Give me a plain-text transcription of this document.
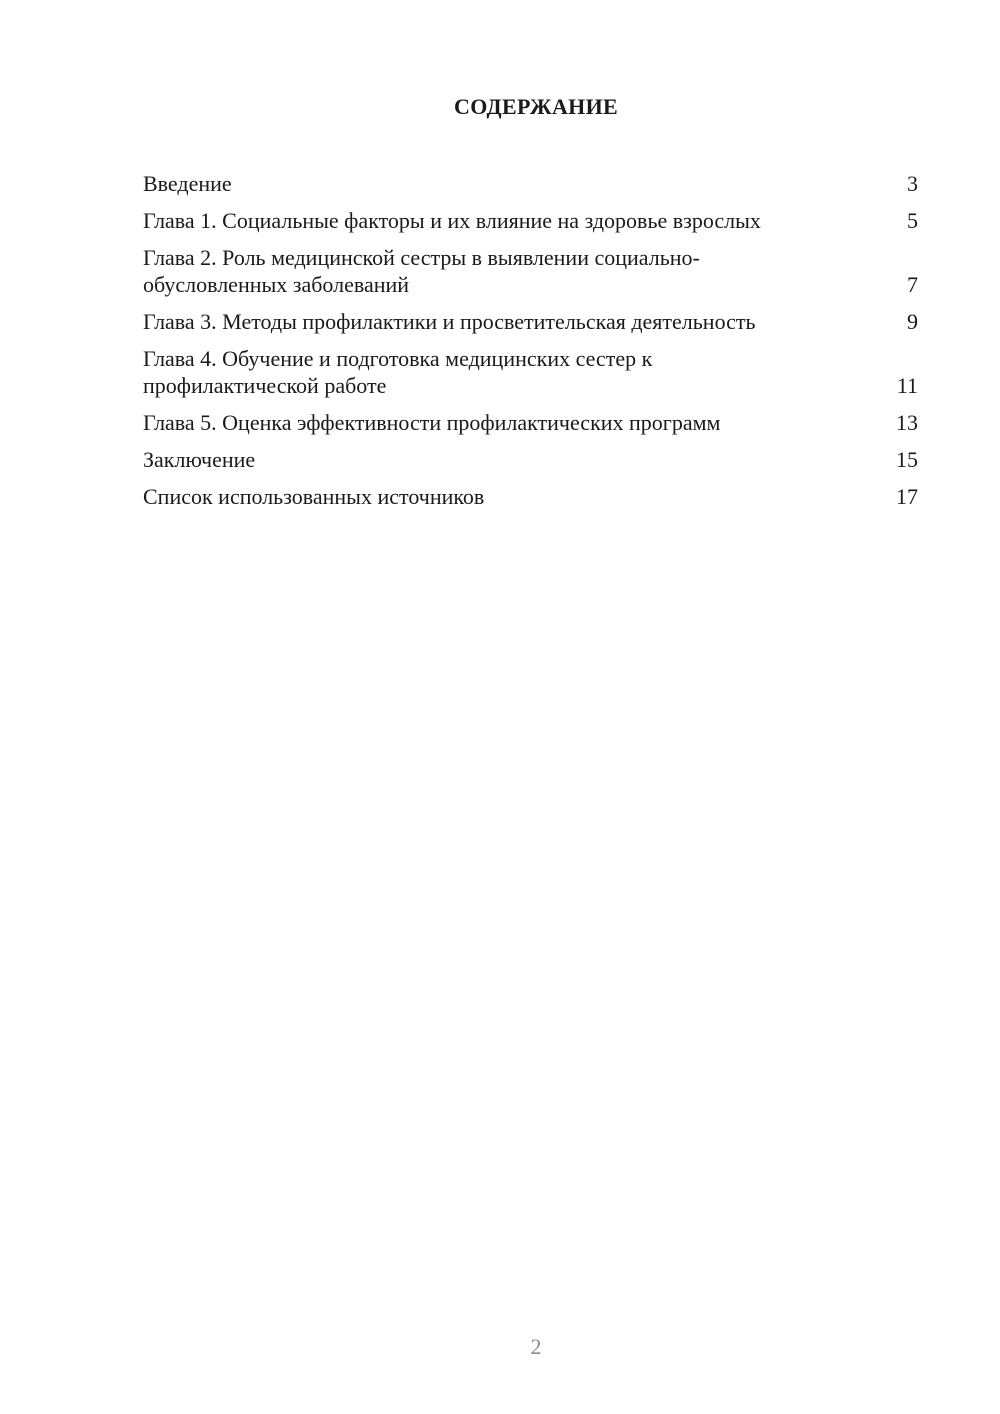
СОДЕРЖАНИЕ
Введение	3
Глава 1. Социальные факторы и их влияние на здоровье взрослых	5
Глава 2. Роль медицинской сестры в выявлении социально-обусловленных заболеваний	7
Глава 3. Методы профилактики и просветительская деятельность	9
Глава 4. Обучение и подготовка медицинских сестер к профилактической работе	11
Глава 5. Оценка эффективности профилактических программ	13
Заключение	15
Список использованных источников	17
2
